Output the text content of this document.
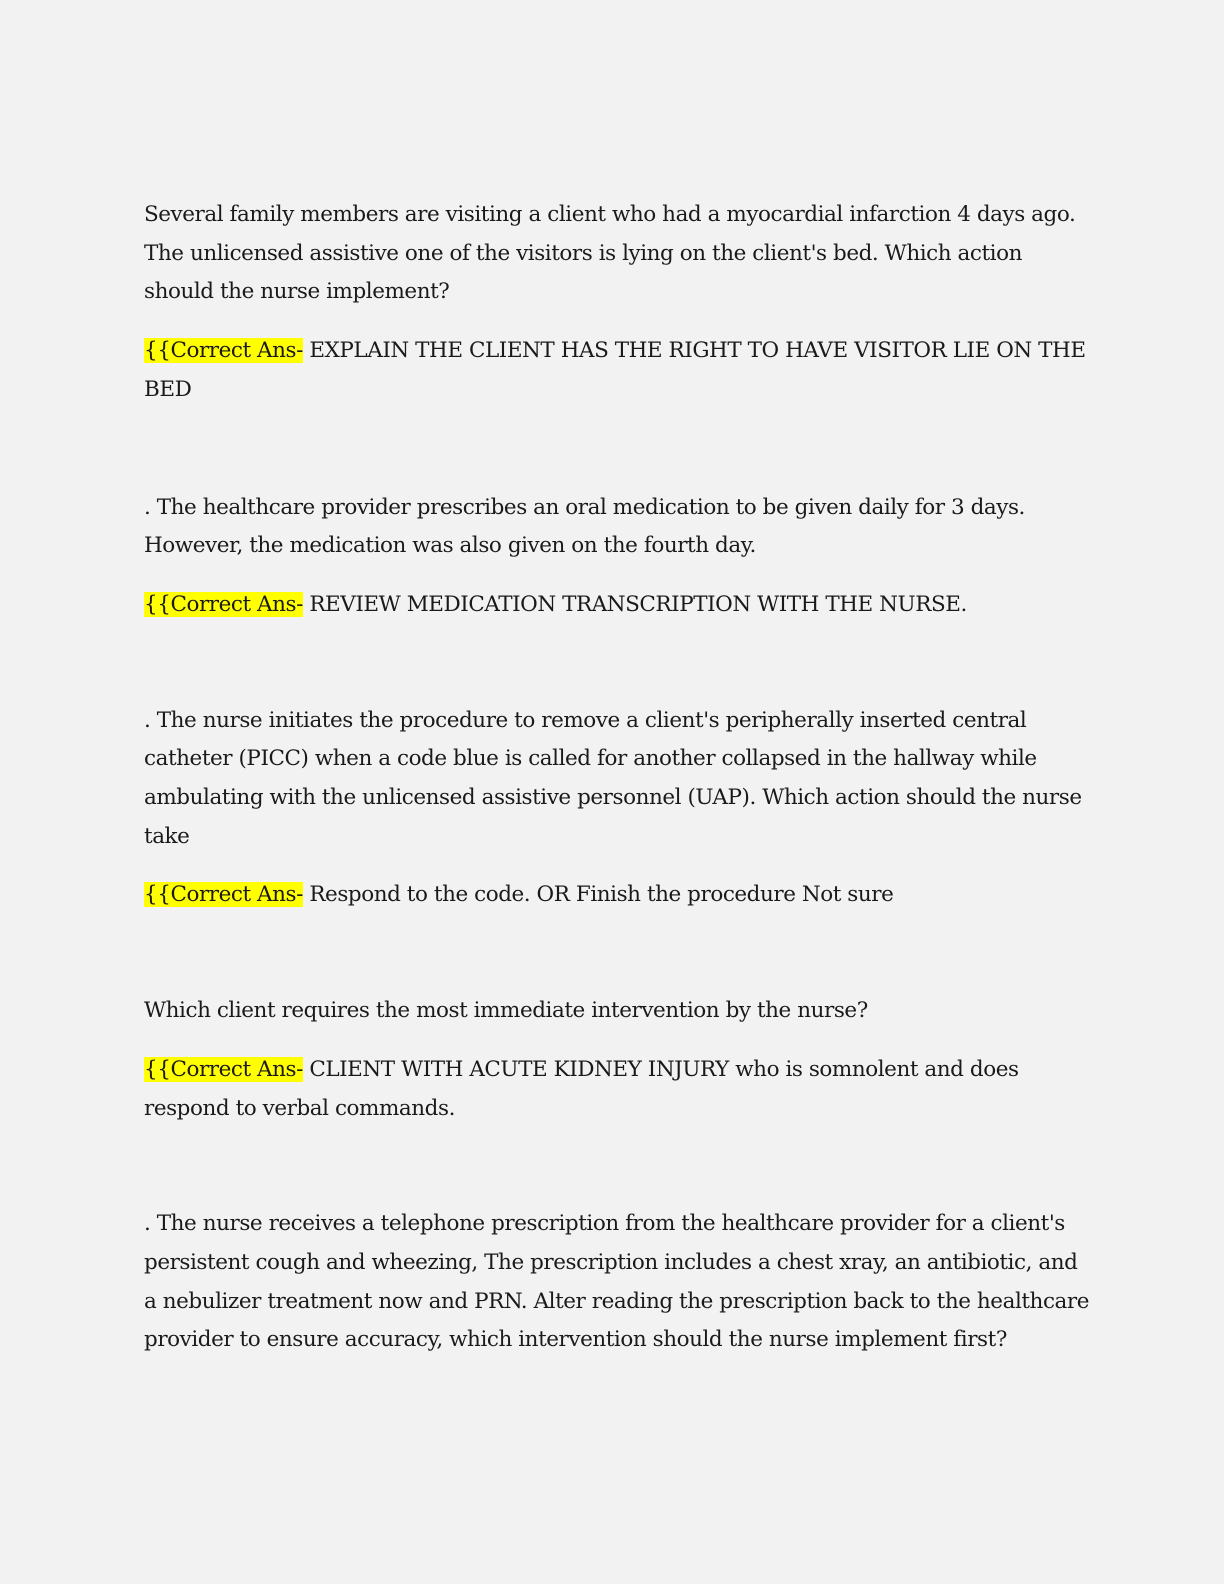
Several family members are visiting a client who had a myocardial infarction 4 days ago. The unlicensed assistive one of the visitors is lying on the client's bed. Which action should the nurse implement?

{{Correct Ans- EXPLAIN THE CLIENT HAS THE RIGHT TO HAVE VISITOR LIE ON THE BED

. The healthcare provider prescribes an oral medication to be given daily for 3 days. However, the medication was also given on the fourth day.

{{Correct Ans- REVIEW MEDICATION TRANSCRIPTION WITH THE NURSE.

. The nurse initiates the procedure to remove a client's peripherally inserted central catheter (PICC) when a code blue is called for another collapsed in the hallway while ambulating with the unlicensed assistive personnel (UAP). Which action should the nurse take

{{Correct Ans- Respond to the code. OR Finish the procedure Not sure

Which client requires the most immediate intervention by the nurse?

{{Correct Ans- CLIENT WITH ACUTE KIDNEY INJURY who is somnolent and does respond to verbal commands.

. The nurse receives a telephone prescription from the healthcare provider for a client's persistent cough and wheezing, The prescription includes a chest xray, an antibiotic, and a nebulizer treatment now and PRN. Alter reading the prescription back to the healthcare provider to ensure accuracy, which intervention should the nurse implement first?
